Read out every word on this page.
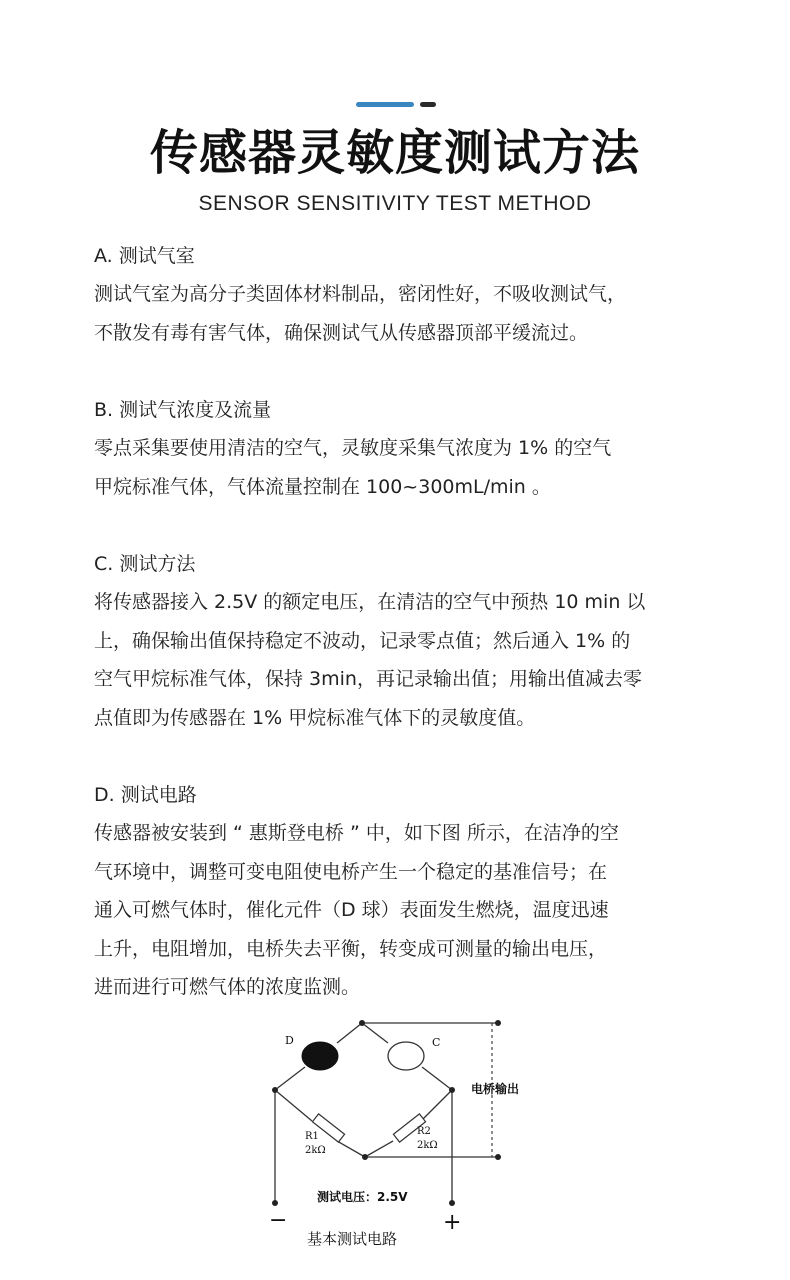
传感器灵敏度测试方法
SENSOR SENSITIVITY TEST METHOD
A. 测试气室
测试气室为高分子类固体材料制品，密闭性好，不吸收测试气，
不散发有毒有害气体，确保测试气从传感器顶部平缓流过。
B. 测试气浓度及流量
零点采集要使用清洁的空气，灵敏度采集气浓度为 1% 的空气
甲烷标准气体，气体流量控制在 100~300mL/min 。
C. 测试方法
将传感器接入 2.5V 的额定电压，在清洁的空气中预热 10 min 以
上，确保输出值保持稳定不波动，记录零点值；然后通入 1% 的
空气甲烷标准气体，保持 3min，再记录输出值；用输出值减去零
点值即为传感器在 1% 甲烷标准气体下的灵敏度值。
D. 测试电路
传感器被安装到 “ 惠斯登电桥 ” 中，如下图 所示，在洁净的空
气环境中，调整可变电阻使电桥产生一个稳定的基准信号；在
通入可燃气体时，催化元件（D 球）表面发生燃烧，温度迅速
上升，电阻增加，电桥失去平衡，转变成可测量的输出电压，
进而进行可燃气体的浓度监测。
D	C
电桥输出
R1
2kΩ
R2
2kΩ
测试电压：2.5V
−	+
基本测试电路
